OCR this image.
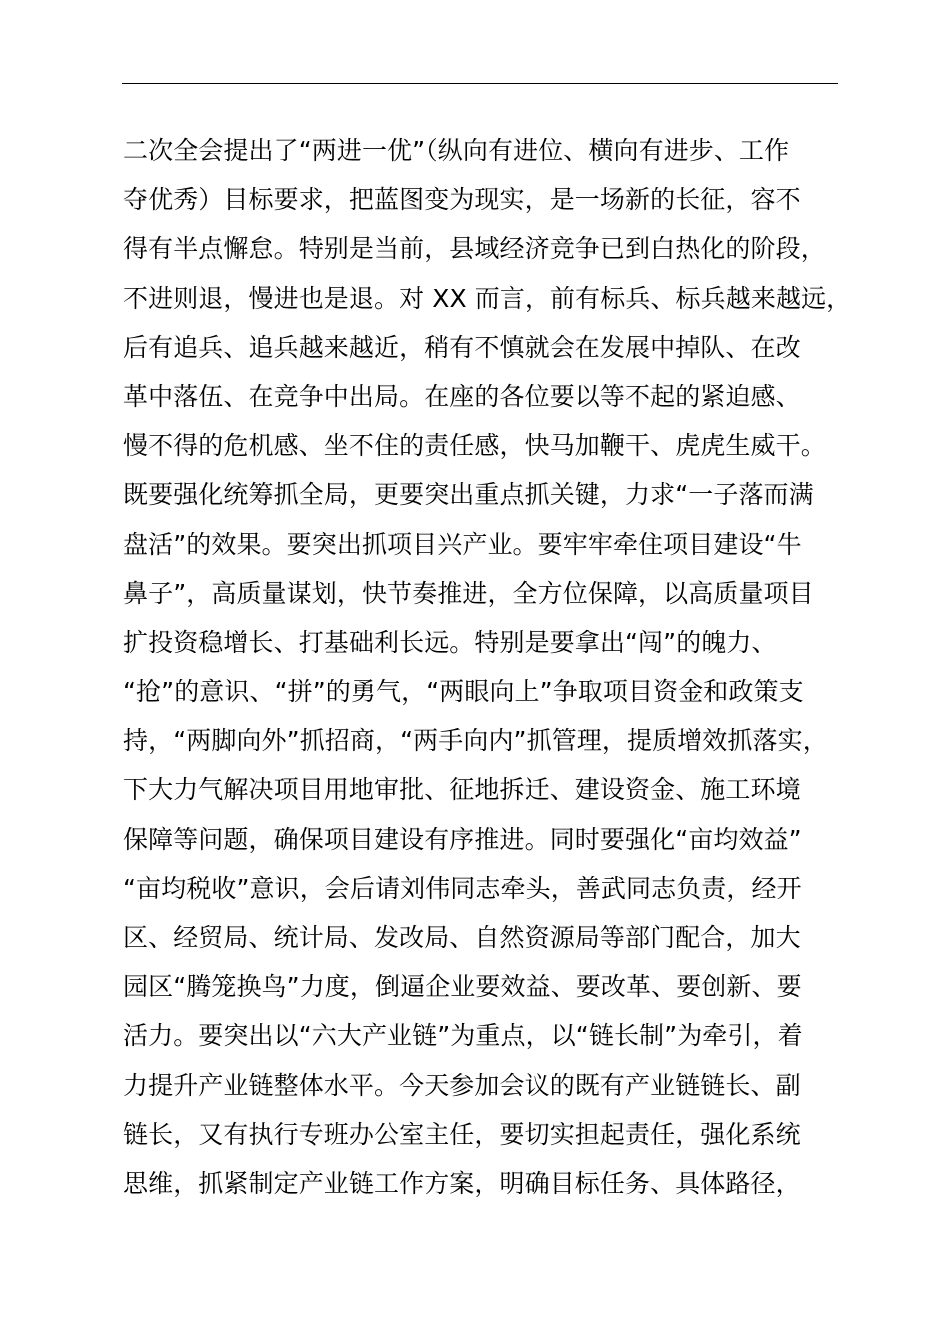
二次全会提出了“两进一优”（纵向有进位、横向有进步、工作
夺优秀）目标要求，把蓝图变为现实，是一场新的长征，容不
得有半点懈怠。特别是当前，县域经济竞争已到白热化的阶段，
不进则退，慢进也是退。对 XX 而言，前有标兵、标兵越来越远，
后有追兵、追兵越来越近，稍有不慎就会在发展中掉队、在改
革中落伍、在竞争中出局。在座的各位要以等不起的紧迫感、
慢不得的危机感、坐不住的责任感，快马加鞭干、虎虎生威干。
既要强化统筹抓全局，更要突出重点抓关键，力求“一子落而满
盘活”的效果。要突出抓项目兴产业。要牢牢牵住项目建设“牛
鼻子”，高质量谋划，快节奏推进，全方位保障，以高质量项目
扩投资稳增长、打基础利长远。特别是要拿出“闯”的魄力、
“抢”的意识、“拼”的勇气，“两眼向上”争取项目资金和政策支
持，“两脚向外”抓招商，“两手向内”抓管理，提质增效抓落实，
下大力气解决项目用地审批、征地拆迁、建设资金、施工环境
保障等问题，确保项目建设有序推进。同时要强化“亩均效益”
“亩均税收”意识，会后请刘伟同志牵头，善武同志负责，经开
区、经贸局、统计局、发改局、自然资源局等部门配合，加大
园区“腾笼换鸟”力度，倒逼企业要效益、要改革、要创新、要
活力。要突出以“六大产业链”为重点，以“链长制”为牵引，着
力提升产业链整体水平。今天参加会议的既有产业链链长、副
链长，又有执行专班办公室主任，要切实担起责任，强化系统
思维，抓紧制定产业链工作方案，明确目标任务、具体路径，
